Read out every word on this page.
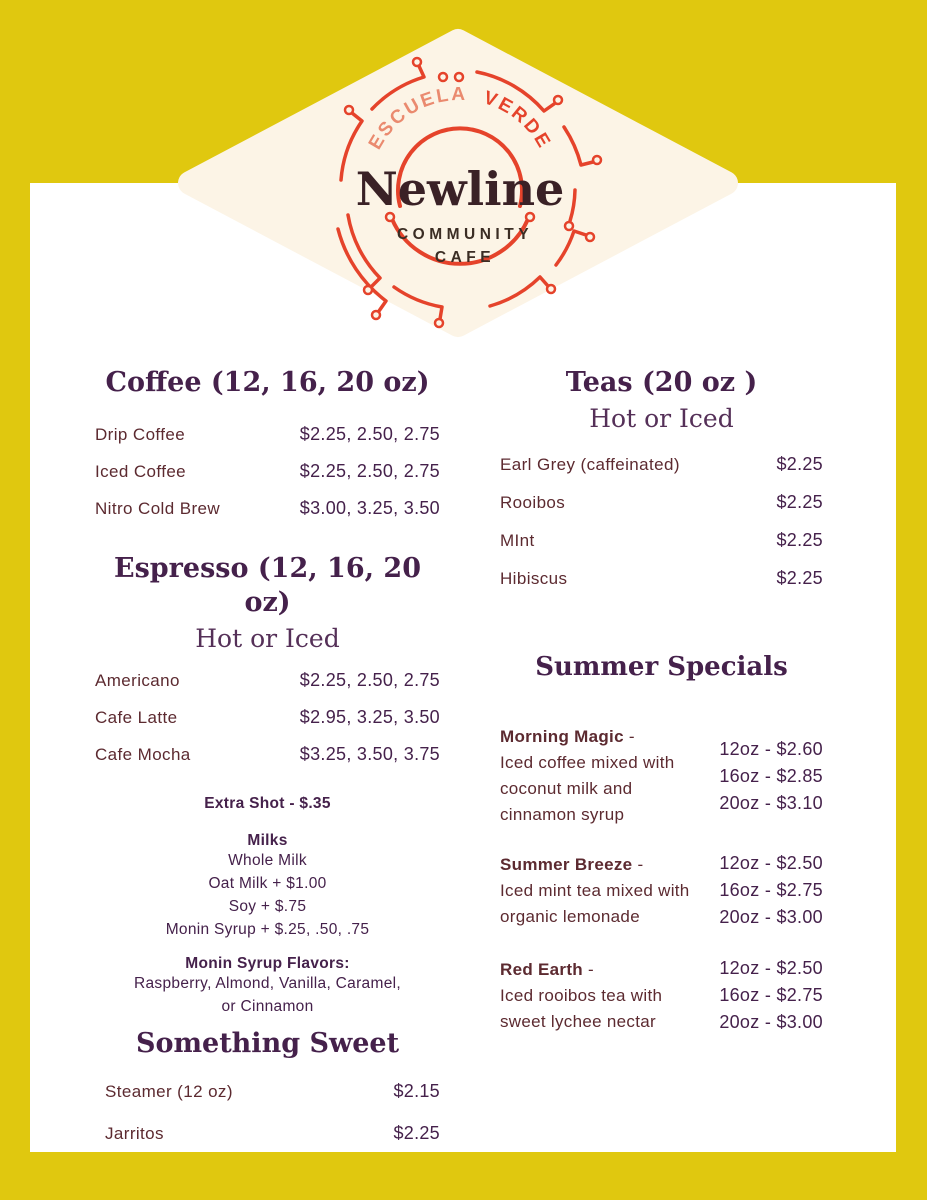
ESCUELA VERDE
Newline
COMMUNITY
CAFE
Coffee (12, 16, 20 oz)
Drip Coffee	$2.25, 2.50, 2.75
Iced Coffee	$2.25, 2.50, 2.75
Nitro Cold Brew	$3.00, 3.25, 3.50
Espresso (12, 16, 20 oz)
Hot or Iced
Americano	$2.25, 2.50, 2.75
Cafe Latte	$2.95, 3.25, 3.50
Cafe Mocha	$3.25, 3.50, 3.75
Extra Shot - $.35
Milks
Whole Milk
Oat Milk + $1.00
Soy + $.75
Monin Syrup + $.25, .50, .75
Monin Syrup Flavors:
Raspberry, Almond, Vanilla, Caramel,
or Cinnamon
Something Sweet
Steamer (12 oz)	$2.15
Jarritos	$2.25
Teas (20 oz )
Hot or Iced
Earl Grey (caffeinated)	$2.25
Rooibos	$2.25
MInt	$2.25
Hibiscus	$2.25
Summer Specials

Morning Magic -
Iced coffee mixed with coconut milk and cinnamon syrup

12oz - $2.60
16oz - $2.85
20oz - $3.10

Summer Breeze -
Iced mint tea mixed with organic lemonade

12oz - $2.50
16oz - $2.75
20oz - $3.00

Red Earth -
Iced rooibos tea with sweet lychee nectar

12oz - $2.50
16oz - $2.75
20oz - $3.00
